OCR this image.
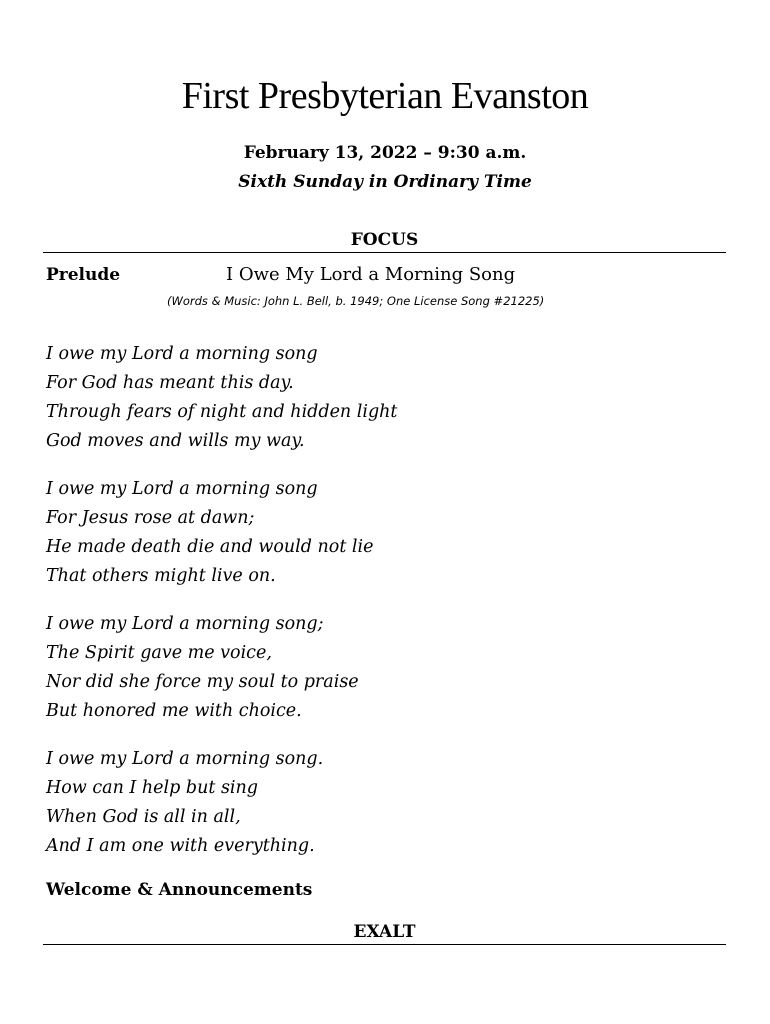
First Presbyterian Evanston
February 13, 2022 – 9:30 a.m.
Sixth Sunday in Ordinary Time
FOCUS
Prelude	I Owe My Lord a Morning Song
(Words & Music: John L. Bell, b. 1949; One License Song #21225)
I owe my Lord a morning song
For God has meant this day.
Through fears of night and hidden light
God moves and wills my way.
I owe my Lord a morning song
For Jesus rose at dawn;
He made death die and would not lie
That others might live on.
I owe my Lord a morning song;
The Spirit gave me voice,
Nor did she force my soul to praise
But honored me with choice.
I owe my Lord a morning song.
How can I help but sing
When God is all in all,
And I am one with everything.
Welcome & Announcements
EXALT
